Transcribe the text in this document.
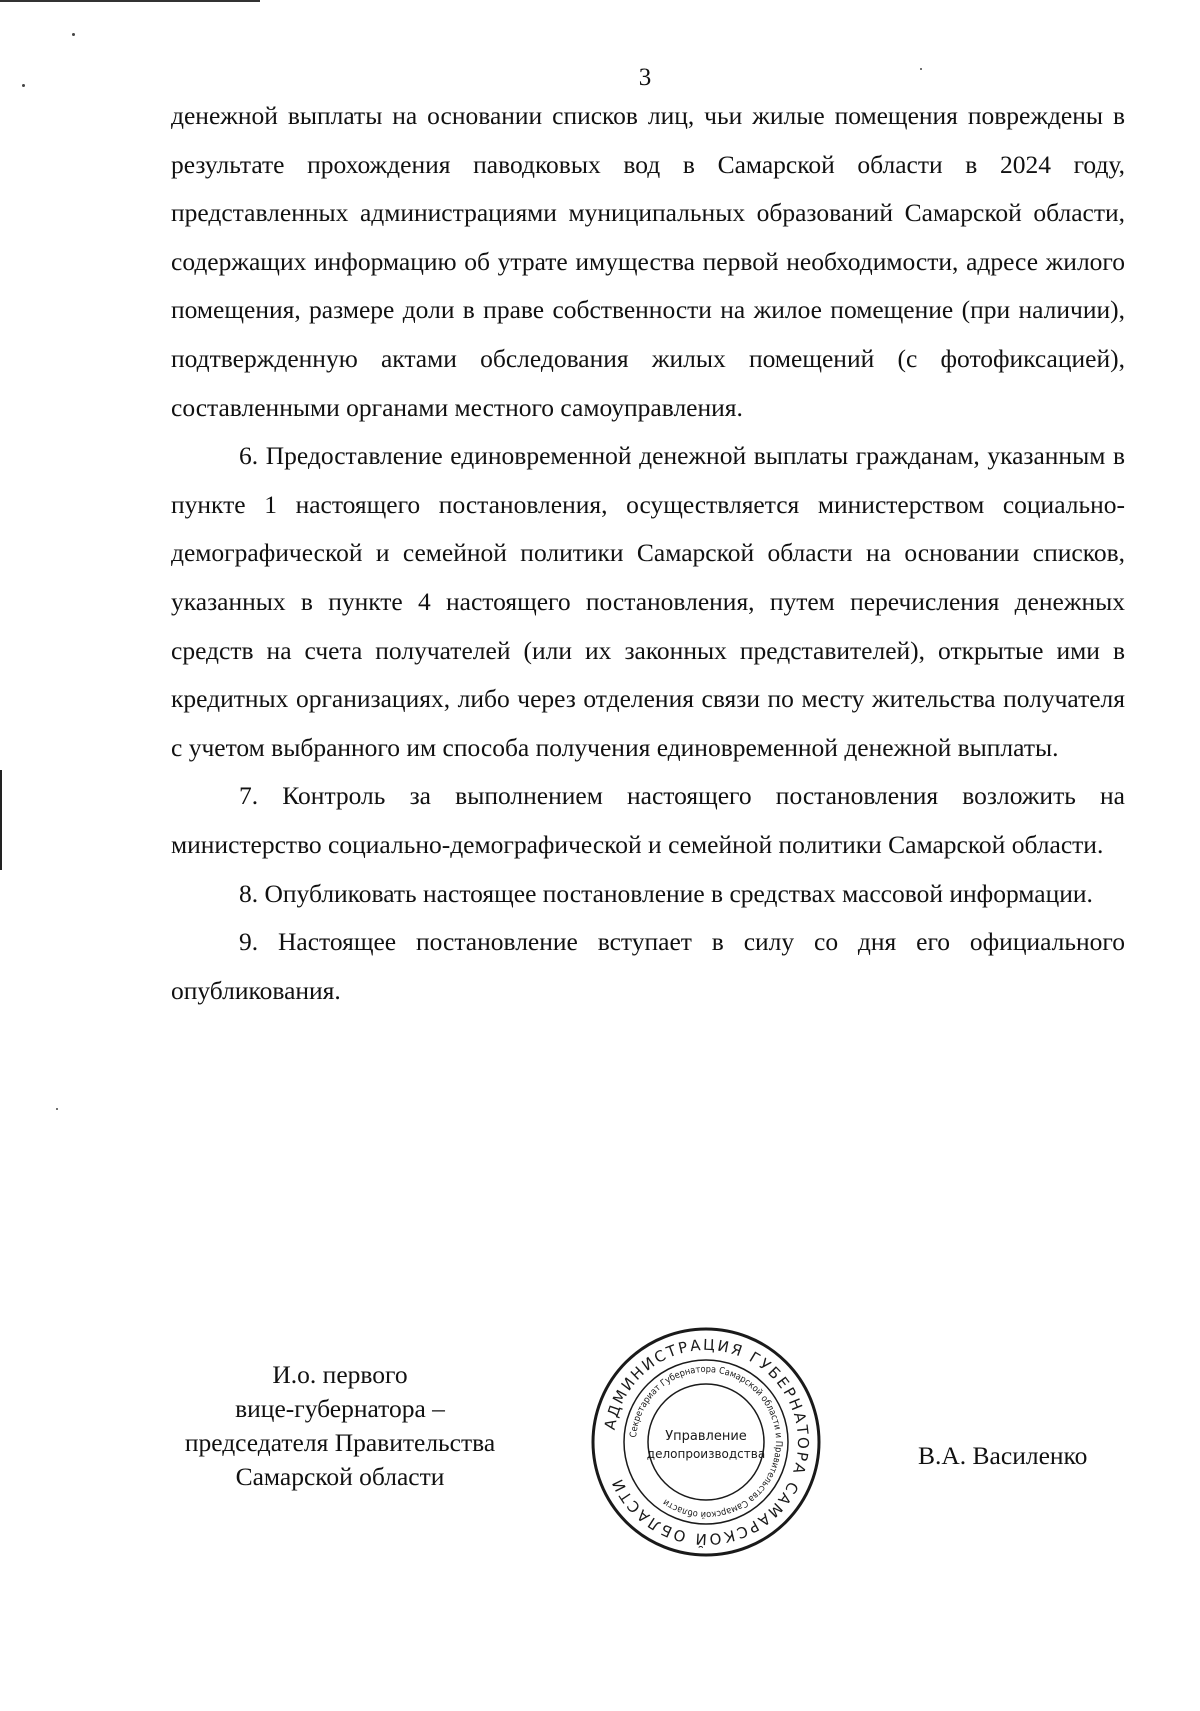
3

денежной выплаты на основании списков лиц, чьи жилые помещения повреждены в результате прохождения паводковых вод в Самарской области в 2024 году, представленных администрациями муниципальных образований Самарской области, содержащих информацию об утрате имущества первой необходимости, адресе жилого помещения, размере доли в праве собственности на жилое помещение (при наличии), подтвержденную актами обследования жилых помещений (с фотофиксацией), составленными органами местного самоуправления.

6. Предоставление единовременной денежной выплаты гражданам, указанным в пункте 1 настоящего постановления, осуществляется министерством социально-демографической и семейной политики Самарской области на основании списков, указанных в пункте 4 настоящего постановления, путем перечисления денежных средств на счета получателей (или их законных представителей), открытые ими в кредитных организациях, либо через отделения связи по месту жительства получателя с учетом выбранного им способа получения единовременной денежной выплаты.

7. Контроль за выполнением настоящего постановления возложить на министерство социально-демографической и семейной политики Самарской области.

8. Опубликовать настоящее постановление в средствах массовой информации.

9. Настоящее постановление вступает в силу со дня его официального опубликования.

И.о. первого
вице-губернатора –
председателя Правительства
Самарской области
АДМИНИСТРАЦИЯ ГУБЕРНАТОРА САМАРСКОЙ ОБЛАСТИ
Секретариат Губернатора Самарской области и Правительства Самарской области
Управление
делопроизводства	В.А. Василенко
